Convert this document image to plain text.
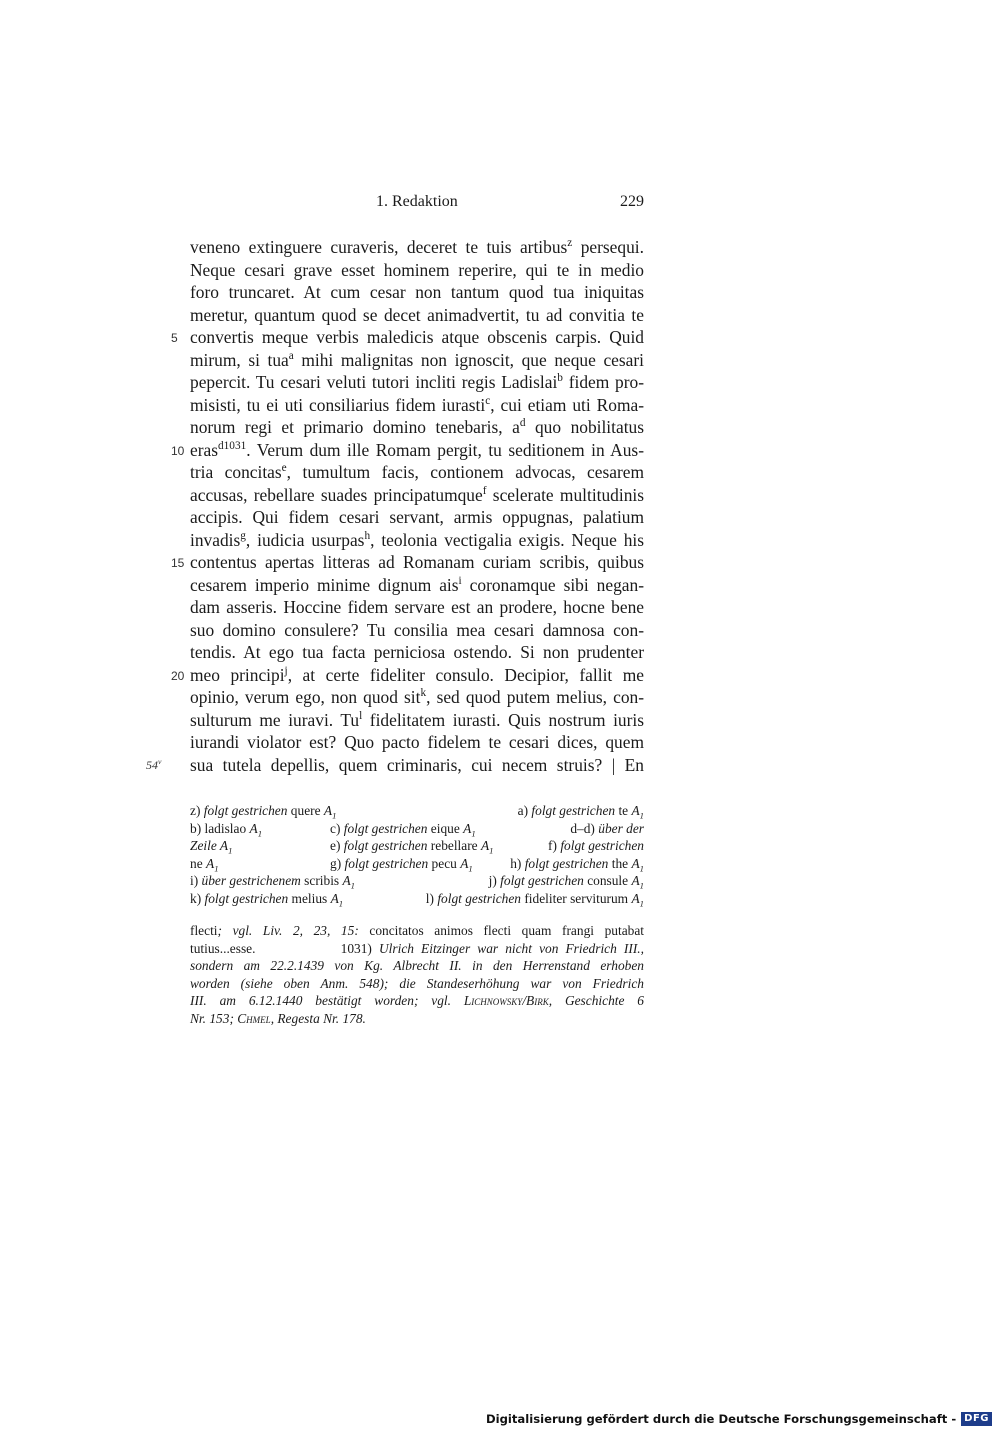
1. Redaktion	229
veneno extinguere curaveris, deceret te tuis artibus$^z$ persequi.
Neque cesari grave esset hominem reperire, qui te in medio
foro truncaret. At cum cesar non tantum quod tua iniquitas
meretur, quantum quod se decet animadvertit, tu ad convitia te
convertis meque verbis maledicis atque obscenis carpis. Quid
mirum, si tua$^a$ mihi malignitas non ignoscit, que neque cesari
pepercit. Tu cesari veluti tutori incliti regis Ladislai$^b$ fidem pro-
misisti, tu ei uti consiliarius fidem iurasti$^c$, cui etiam uti Roma-
norum regi et primario domino tenebaris, $a^d$ quo nobilitatus
eras$^{d1031}$. Verum dum ille Romam pergit, tu seditionem in Aus-
tria concitas$^e$, tumultum facis, contionem advocas, cesarem
accusas, rebellare suades principatumque$^f$ scelerate multitudinis
accipis. Qui fidem cesari servant, armis oppugnas, palatium
invadis$^g$, iudicia usurpas$^h$, teolonia vectigalia exigis. Neque his
contentus apertas litteras ad Romanam curiam scribis, quibus
cesarem imperio minime dignum ais$^i$ coronamque sibi negan-
dam asseris. Hoccine fidem servare est an prodere, hocne bene
suo domino consulere? Tu consilia mea cesari damnosa con-
tendis. At ego tua facta perniciosa ostendo. Si non prudenter
meo principi$^j$, at certe fideliter consulo. Decipior, fallit me
opinio, verum ego, non quod sit$^k$, sed quod putem melius, con-
sulturum me iuravi. Tu$^l$ fidelitatem iurasti. Quis nostrum iuris
iurandi violator est? Quo pacto fidelem te cesari dices, quem
sua tutela depellis, quem criminaris, cui necem struis? | En
5
10
15
20
54$^v$
z) folgt gestrichen quere $A_1$	a) folgt gestrichen te $A_1$
b) ladislao $A_1$	c) folgt gestrichen eique $A_1$	d–d) über der
Zeile $A_1$	e) folgt gestrichen rebellare $A_1$	f) folgt gestrichen
ne $A_1$	g) folgt gestrichen pecu $A_1$	h) folgt gestrichen the $A_1$
i) über gestrichenem scribis $A_1$	j) folgt gestrichen consule $A_1$
k) folgt gestrichen melius $A_1$	l) folgt gestrichen fideliter serviturum $A_1$
flecti; vgl. Liv. 2, 23, 15: concitatos animos flecti quam frangi putabat
tutius...esse.            1031) Ulrich Eitzinger war nicht von Friedrich III.,
sondern am 22.2.1439 von Kg. Albrecht II. in den Herrenstand erhoben
worden (siehe oben Anm. 548); die Standeserhöhung war von Friedrich
III. am 6.12.1440 bestätigt worden; vgl. Lichnowsky/Birk, Geschichte 6
Nr. 153; Chmel, Regesta Nr. 178.
Digitalisierung gefördert durch die Deutsche Forschungsgemeinschaft - DFG
